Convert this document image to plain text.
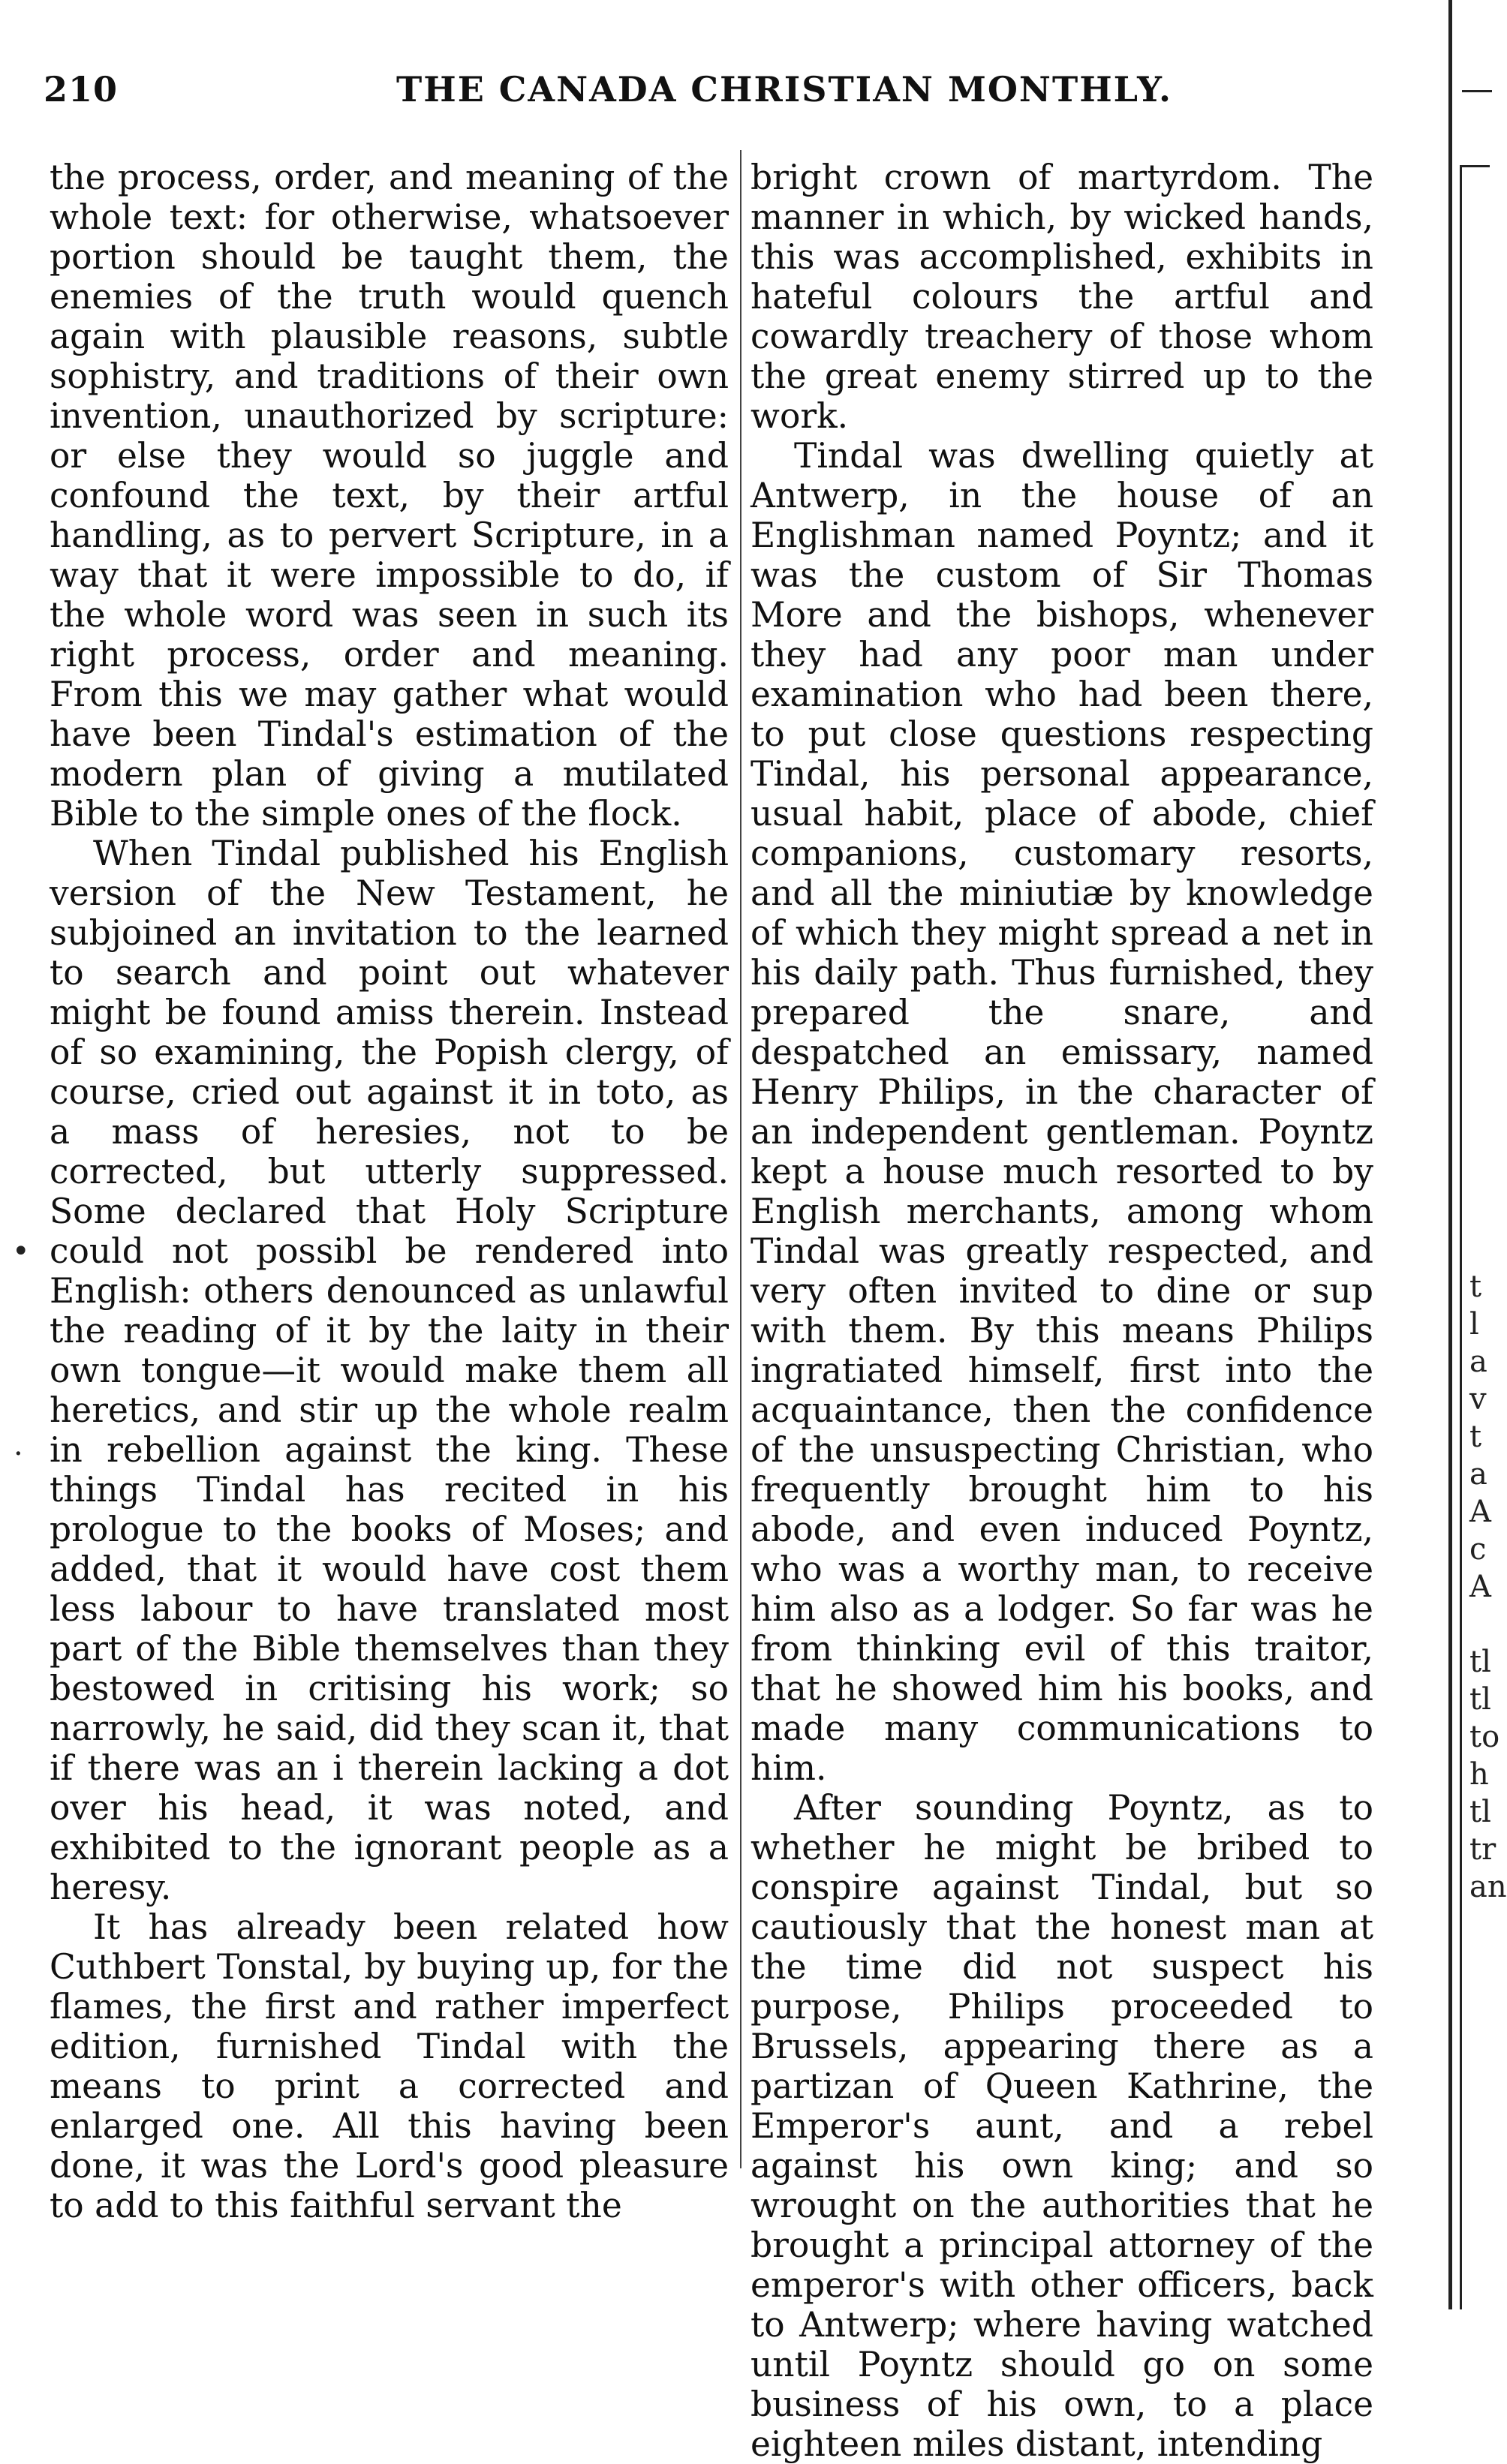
210	THE CANADA CHRISTIAN MONTHLY.

the process, order, and meaning of the whole text: for otherwise, whatsoever portion should be taught them, the enemies of the truth would quench again with plausible reasons, subtle sophistry, and traditions of their own invention, unauthorized by scripture: or else they would so juggle and confound the text, by their artful handling, as to pervert Scripture, in a way that it were impossible to do, if the whole word was seen in such its right process, order and meaning. From this we may gather what would have been Tindal's estimation of the modern plan of giving a mutilated Bible to the simple ones of the flock.

When Tindal published his English version of the New Testament, he subjoined an invitation to the learned to search and point out whatever might be found amiss therein. Instead of so examining, the Popish clergy, of course, cried out against it in toto, as a mass of heresies, not to be corrected, but utterly suppressed. Some declared that Holy Scripture could not possibl be rendered into English: others denounced as unlawful the reading of it by the laity in their own tongue—it would make them all heretics, and stir up the whole realm in rebellion against the king. These things Tindal has recited in his prologue to the books of Moses; and added, that it would have cost them less labour to have translated most part of the Bible themselves than they bestowed in critising his work; so narrowly, he said, did they scan it, that if there was an i therein lacking a dot over his head, it was noted, and exhibited to the ignorant people as a heresy.

It has already been related how Cuthbert Tonstal, by buying up, for the flames, the first and rather imperfect edition, furnished Tindal with the means to print a corrected and enlarged one. All this having been done, it was the Lord's good pleasure to add to this faithful servant the

bright crown of martyrdom. The manner in which, by wicked hands, this was accomplished, exhibits in hateful colours the artful and cowardly treachery of those whom the great enemy stirred up to the work.

Tindal was dwelling quietly at Antwerp, in the house of an Englishman named Poyntz; and it was the custom of Sir Thomas More and the bishops, whenever they had any poor man under examination who had been there, to put close questions respecting Tindal, his personal appearance, usual habit, place of abode, chief companions, customary resorts, and all the miniutiæ by knowledge of which they might spread a net in his daily path. Thus furnished, they prepared the snare, and despatched an emissary, named Henry Philips, in the character of an independent gentleman. Poyntz kept a house much resorted to by English merchants, among whom Tindal was greatly respected, and very often invited to dine or sup with them. By this means Philips ingratiated himself, first into the acquaintance, then the confidence of the unsuspecting Christian, who frequently brought him to his abode, and even induced Poyntz, who was a worthy man, to receive him also as a lodger. So far was he from thinking evil of this traitor, that he showed him his books, and made many communications to him.

After sounding Poyntz, as to whether he might be bribed to conspire against Tindal, but so cautiously that the honest man at the time did not suspect his purpose, Philips proceeded to Brussels, appearing there as a partizan of Queen Kathrine, the Emperor's aunt, and a rebel against his own king; and so wrought on the authorities that he brought a principal attorney of the emperor's with other officers, back to Antwerp; where having watched until Poyntz should go on some business of his own, to a place eighteen miles distant, intending

t
l
a
v
t
a
A
c
A
tl
tl
to
h
tl
tr
an
•
·
